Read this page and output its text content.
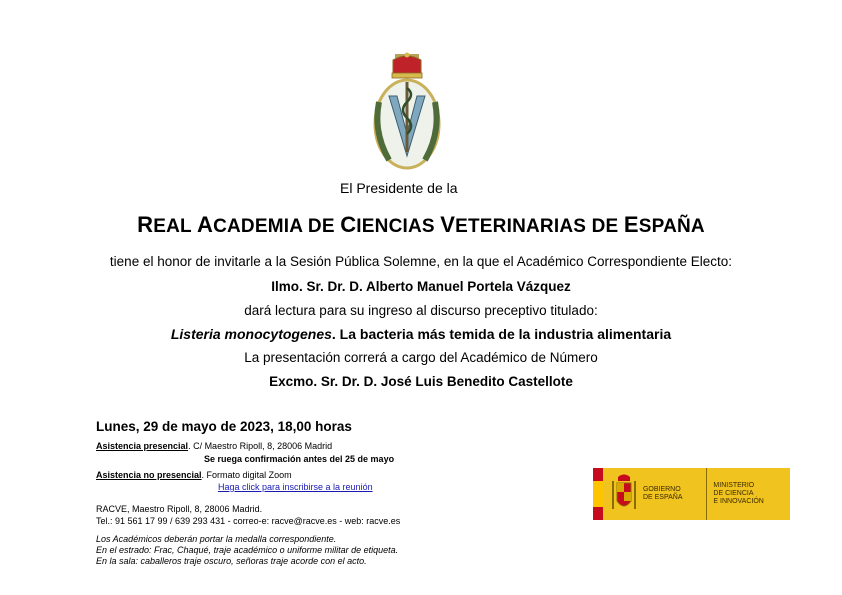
El Presidente de la
REAL ACADEMIA DE CIENCIAS VETERINARIAS DE ESPAÑA
tiene el honor de invitarle a la Sesión Pública Solemne, en la que el Académico Correspondiente Electo:
Ilmo. Sr. Dr. D. Alberto Manuel Portela Vázquez
dará lectura para su ingreso al discurso preceptivo titulado:
Listeria monocytogenes. La bacteria más temida de la industria alimentaria
La presentación correrá a cargo del Académico de Número
Excmo. Sr. Dr. D. José Luis Benedito Castellote
Lunes, 29 de mayo de 2023, 18,00 horas
Asistencia presencial. C/ Maestro Ripoll, 8, 28006 Madrid
Se ruega confirmación antes del 25 de mayo
Asistencia no presencial. Formato digital Zoom
Haga click para inscribirse a la reunión
RACVE, Maestro Ripoll, 8, 28006 Madrid.
Tel.: 91 561 17 99 / 639 293 431 - correo-e: racve@racve.es - web: racve.es
Los Académicos deberán portar la medalla correspondiente.
En el estrado: Frac, Chaqué, traje académico o uniforme militar de etiqueta.
En la sala: caballeros traje oscuro, señoras traje acorde con el acto.
GOBIERNO
DE ESPAÑA
MINISTERIO
DE CIENCIA
E INNOVACIÓN
